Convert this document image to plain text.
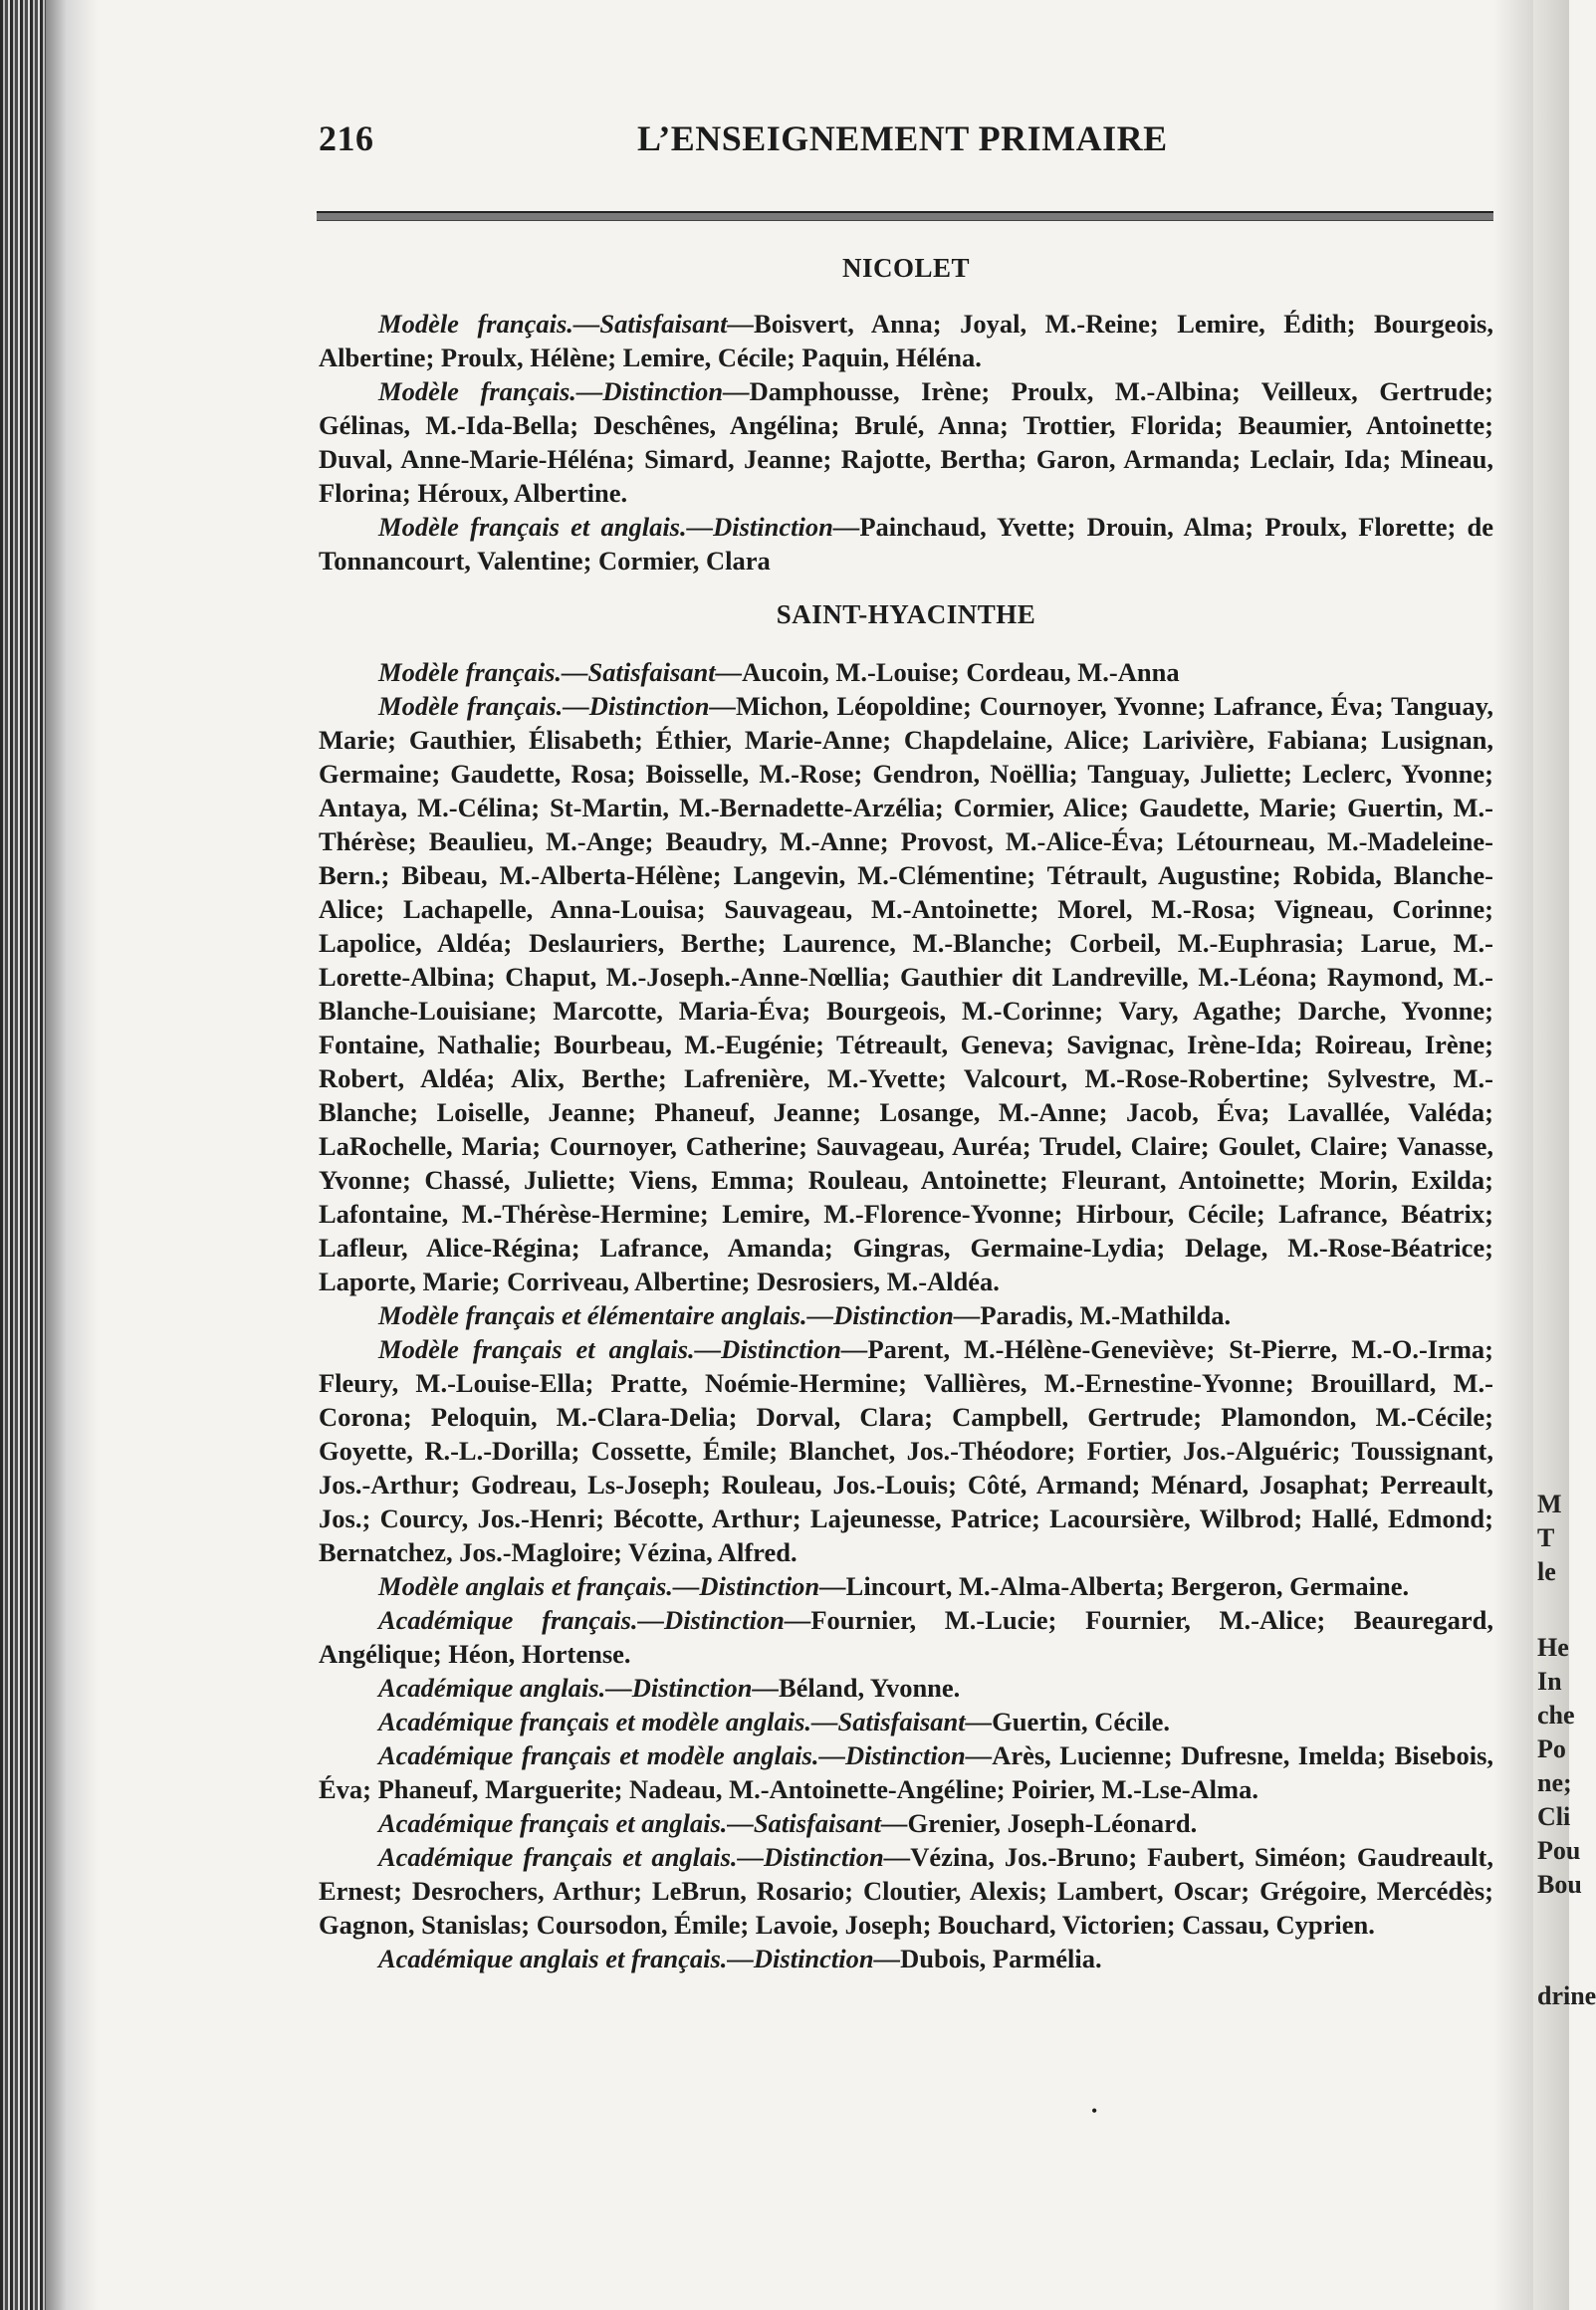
216	L’ENSEIGNEMENT PRIMAIRE

NICOLET

Modèle français.—Satisfaisant—Boisvert, Anna; Joyal, M.-Reine; Lemire, Édith; Bourgeois, Albertine; Proulx, Hélène; Lemire, Cécile; Paquin, Héléna.

Modèle français.—Distinction—Damphousse, Irène; Proulx, M.-Albina; Veilleux, Gertrude; Gélinas, M.-Ida-Bella; Deschênes, Angélina; Brulé, Anna; Trottier, Florida; Beaumier, Antoinette; Duval, Anne-Marie-Héléna; Simard, Jeanne; Rajotte, Bertha; Garon, Armanda; Leclair, Ida; Mineau, Florina; Héroux, Albertine.

Modèle français et anglais.—Distinction—Painchaud, Yvette; Drouin, Alma; Proulx, Florette; de Tonnancourt, Valentine; Cormier, Clara

SAINT-HYACINTHE

Modèle français.—Satisfaisant—Aucoin, M.-Louise; Cordeau, M.-Anna

Modèle français.—Distinction—Michon, Léopoldine; Cournoyer, Yvonne; Lafrance, Éva; Tanguay, Marie; Gauthier, Élisabeth; Éthier, Marie-Anne; Chapdelaine, Alice; Larivière, Fabiana; Lusignan, Germaine; Gaudette, Rosa; Boisselle, M.-Rose; Gendron, Noëllia; Tanguay, Juliette; Leclerc, Yvonne; Antaya, M.-Célina; St-Martin, M.-Bernadette-Arzélia; Cormier, Alice; Gaudette, Marie; Guertin, M.-Thérèse; Beaulieu, M.-Ange; Beaudry, M.-Anne; Provost, M.-Alice-Éva; Létourneau, M.-Madeleine-Bern.; Bibeau, M.-Alberta-Hélène; Langevin, M.-Clémentine; Tétrault, Augustine; Robida, Blanche-Alice; Lachapelle, Anna-Louisa; Sauvageau, M.-Antoinette; Morel, M.-Rosa; Vigneau, Corinne; Lapolice, Aldéa; Deslauriers, Berthe; Laurence, M.-Blanche; Corbeil, M.-Euphrasia; Larue, M.-Lorette-Albina; Chaput, M.-Joseph.-Anne-Nœllia; Gauthier dit Landreville, M.-Léona; Raymond, M.-Blanche-Louisiane; Marcotte, Maria-Éva; Bourgeois, M.-Corinne; Vary, Agathe; Darche, Yvonne; Fontaine, Nathalie; Bourbeau, M.-Eugénie; Tétreault, Geneva; Savignac, Irène-Ida; Roireau, Irène; Robert, Aldéa; Alix, Berthe; Lafrenière, M.-Yvette; Valcourt, M.-Rose-Robertine; Sylvestre, M.-Blanche; Loiselle, Jeanne; Phaneuf, Jeanne; Losange, M.-Anne; Jacob, Éva; Lavallée, Valéda; LaRochelle, Maria; Cournoyer, Catherine; Sauvageau, Auréa; Trudel, Claire; Goulet, Claire; Vanasse, Yvonne; Chassé, Juliette; Viens, Emma; Rouleau, Antoinette; Fleurant, Antoinette; Morin, Exilda; Lafontaine, M.-Thérèse-Hermine; Lemire, M.-Florence-Yvonne; Hirbour, Cécile; Lafrance, Béatrix; Lafleur, Alice-Régina; Lafrance, Amanda; Gingras, Germaine-Lydia; Delage, M.-Rose-Béatrice; Laporte, Marie; Corriveau, Albertine; Desrosiers, M.-Aldéa.

Modèle français et élémentaire anglais.—Distinction—Paradis, M.-Mathilda.

Modèle français et anglais.—Distinction—Parent, M.-Hélène-Geneviève; St-Pierre, M.-O.-Irma; Fleury, M.-Louise-Ella; Pratte, Noémie-Hermine; Vallières, M.-Ernestine-Yvonne; Brouillard, M.-Corona; Peloquin, M.-Clara-Delia; Dorval, Clara; Campbell, Gertrude; Plamondon, M.-Cécile; Goyette, R.-L.-Dorilla; Cossette, Émile; Blanchet, Jos.-Théodore; Fortier, Jos.-Alguéric; Toussignant, Jos.-Arthur; Godreau, Ls-Joseph; Rouleau, Jos.-Louis; Côté, Armand; Ménard, Josaphat; Perreault, Jos.; Courcy, Jos.-Henri; Bécotte, Arthur; Lajeunesse, Patrice; Lacoursière, Wilbrod; Hallé, Edmond; Bernatchez, Jos.-Magloire; Vézina, Alfred.

Modèle anglais et français.—Distinction—Lincourt, M.-Alma-Alberta; Bergeron, Germaine.

Académique français.—Distinction—Fournier, M.-Lucie; Fournier, M.-Alice; Beauregard, Angélique; Héon, Hortense.

Académique anglais.—Distinction—Béland, Yvonne.

Académique français et modèle anglais.—Satisfaisant—Guertin, Cécile.

Académique français et modèle anglais.—Distinction—Arès, Lucienne; Dufresne, Imelda; Bisebois, Éva; Phaneuf, Marguerite; Nadeau, M.-Antoinette-Angéline; Poirier, M.-Lse-Alma.

Académique français et anglais.—Satisfaisant—Grenier, Joseph-Léonard.

Académique français et anglais.—Distinction—Vézina, Jos.-Bruno; Faubert, Siméon; Gaudreault, Ernest; Desrochers, Arthur; LeBrun, Rosario; Cloutier, Alexis; Lambert, Oscar; Grégoire, Mercédès; Gagnon, Stanislas; Coursodon, Émile; Lavoie, Joseph; Bouchard, Victorien; Cassau, Cyprien.

Académique anglais et français.—Distinction—Dubois, Parmélia.

•
M
T
le
He
In
che
Po
ne;
Cli
Pou
Bou
drine
